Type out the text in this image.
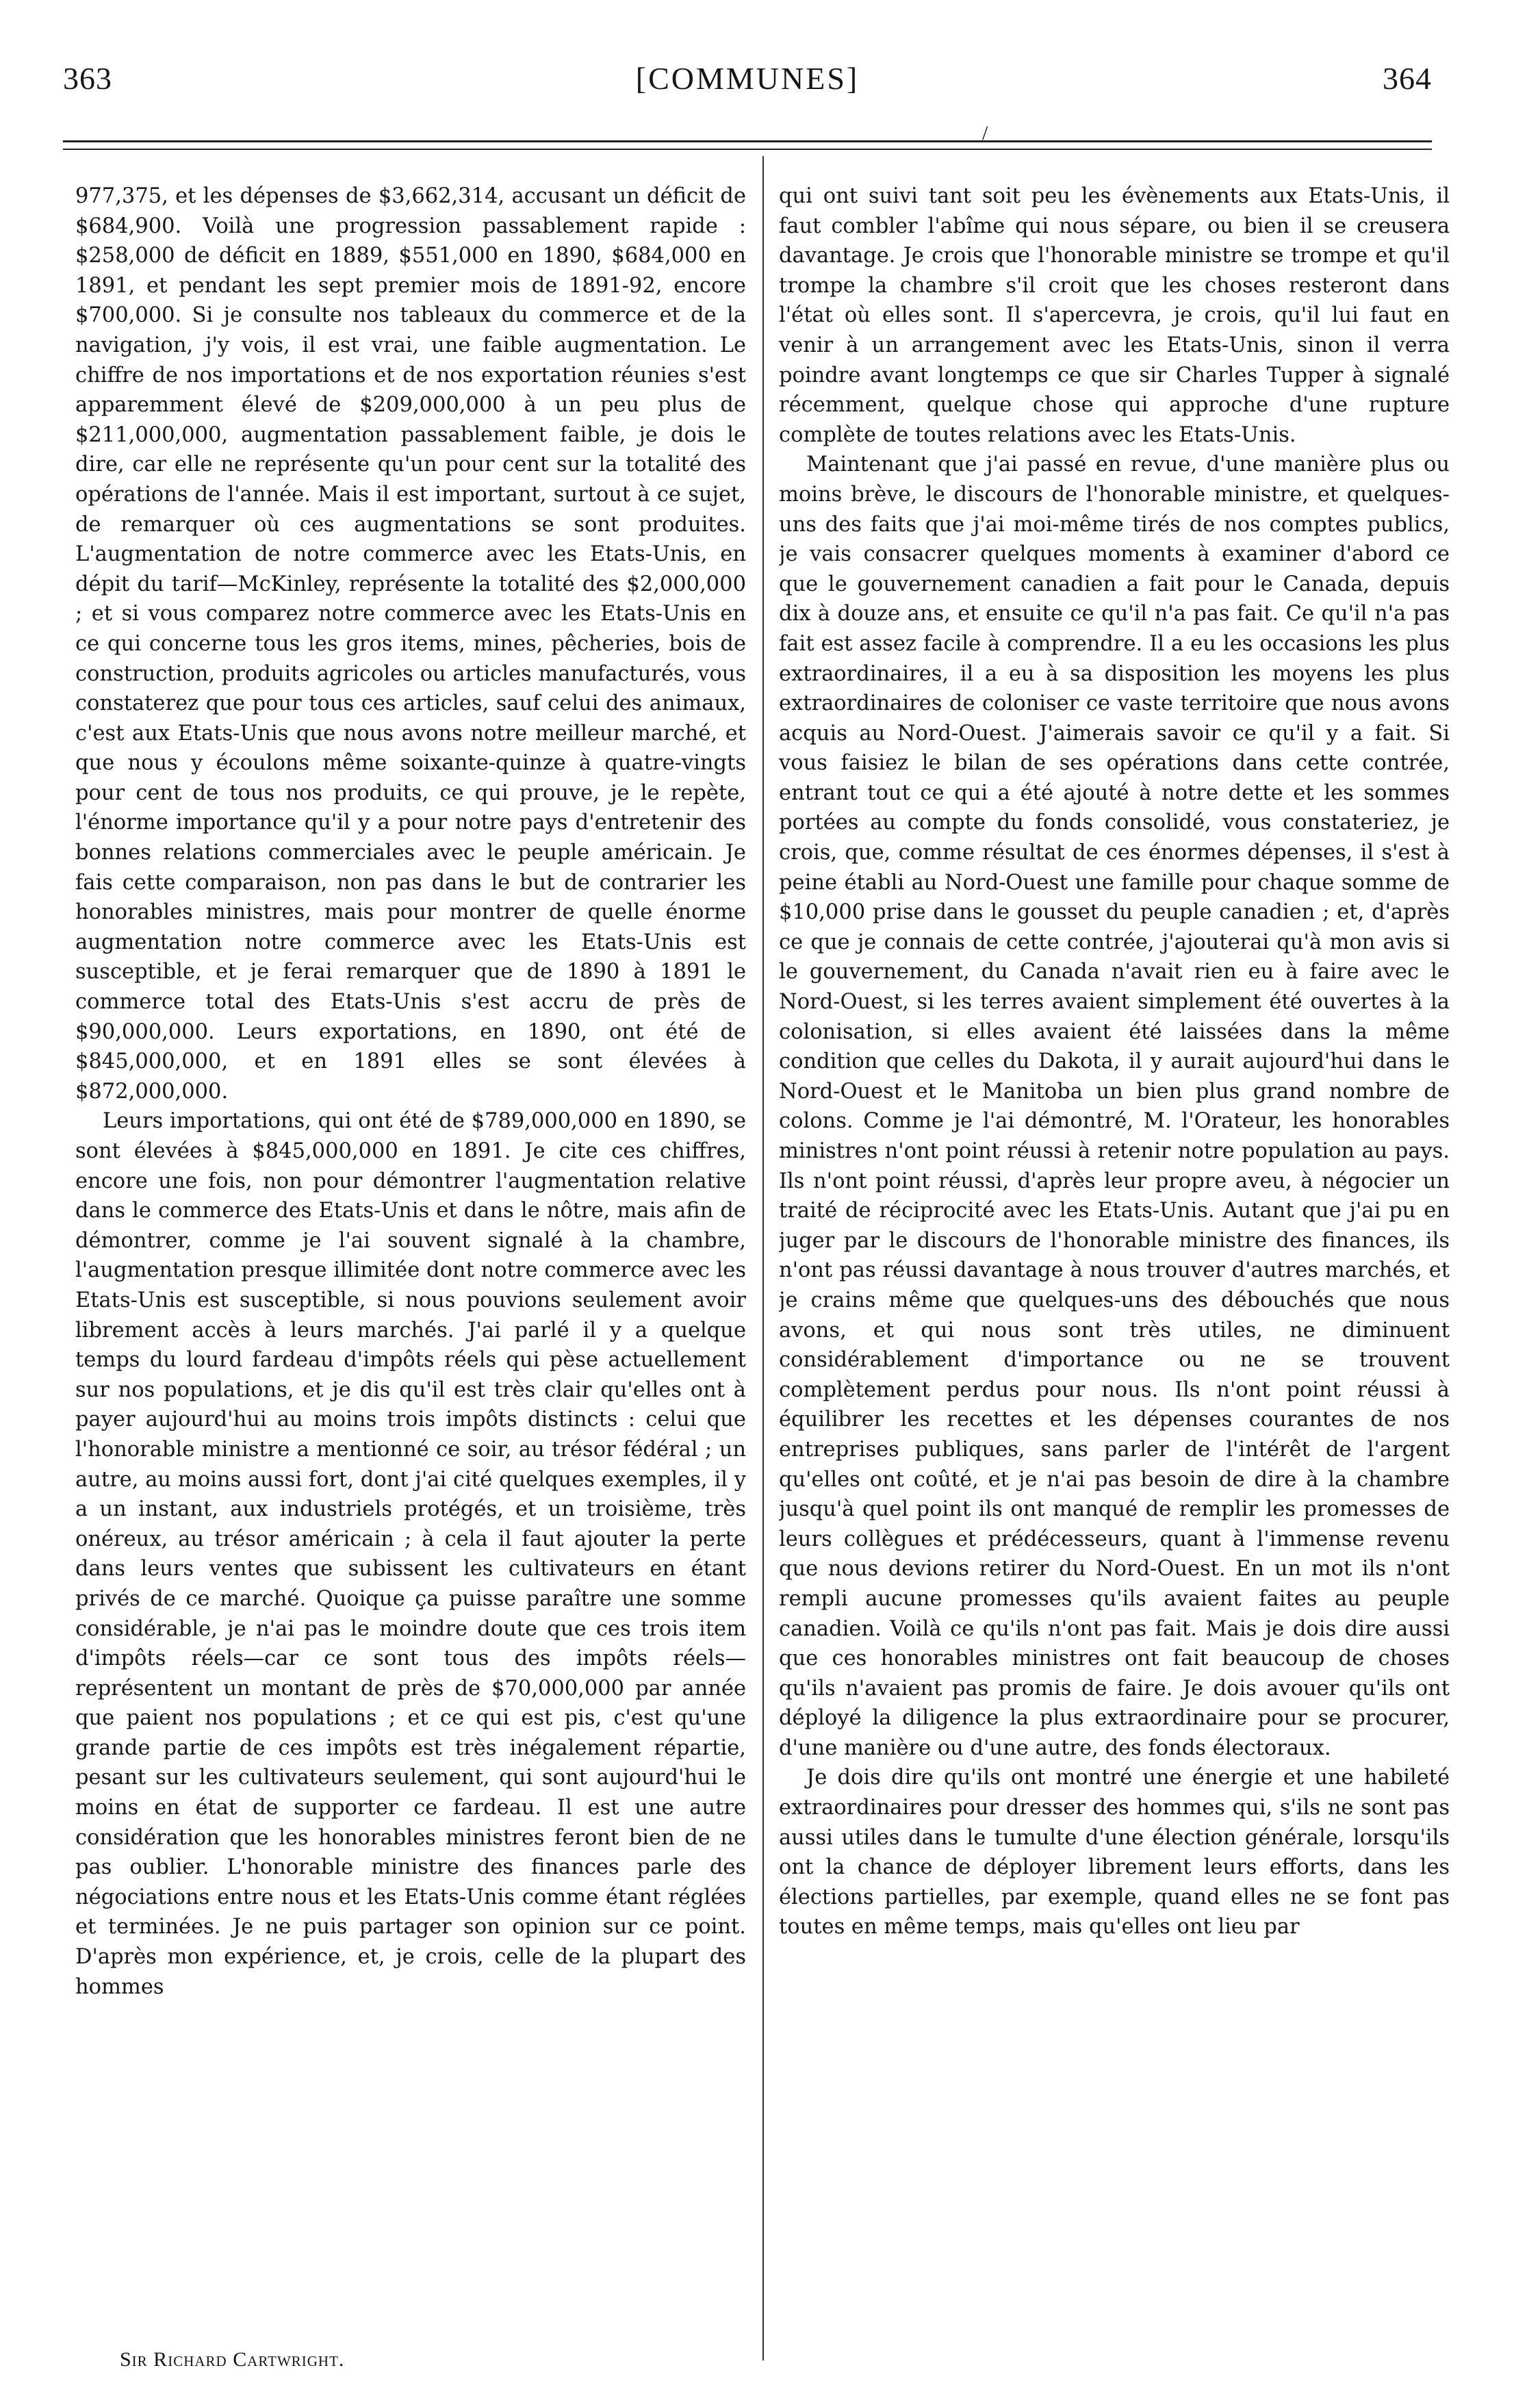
363	[COMMUNES]	364
/

977,375, et les dépenses de $3,662,314, accusant un déficit de $684,900. Voilà une progression passablement rapide : $258,000 de déficit en 1889, $551,000 en 1890, $684,000 en 1891, et pendant les sept premier mois de 1891-92, encore $700,000. Si je consulte nos tableaux du commerce et de la navigation, j'y vois, il est vrai, une faible augmentation. Le chiffre de nos importations et de nos exportation réunies s'est apparemment élevé de $209,000,000 à un peu plus de $211,000,000, augmentation passablement faible, je dois le dire, car elle ne représente qu'un pour cent sur la totalité des opérations de l'année. Mais il est important, surtout à ce sujet, de remarquer où ces augmentations se sont produites. L'augmentation de notre commerce avec les Etats-Unis, en dépit du tarif—McKinley, représente la totalité des $2,000,000 ; et si vous comparez notre commerce avec les Etats-Unis en ce qui concerne tous les gros items, mines, pêcheries, bois de construction, produits agricoles ou articles manufacturés, vous constaterez que pour tous ces articles, sauf celui des animaux, c'est aux Etats-Unis que nous avons notre meilleur marché, et que nous y écoulons même soixante-quinze à quatre-vingts pour cent de tous nos produits, ce qui prouve, je le repète, l'énorme importance qu'il y a pour notre pays d'entretenir des bonnes relations commerciales avec le peuple américain. Je fais cette comparaison, non pas dans le but de contrarier les honorables ministres, mais pour montrer de quelle énorme augmentation notre commerce avec les Etats-Unis est susceptible, et je ferai remarquer que de 1890 à 1891 le commerce total des Etats-Unis s'est accru de près de $90,000,000. Leurs exportations, en 1890, ont été de $845,000,000, et en 1891 elles se sont élevées à $872,000,000.

Leurs importations, qui ont été de $789,000,000 en 1890, se sont élevées à $845,000,000 en 1891. Je cite ces chiffres, encore une fois, non pour démontrer l'augmentation relative dans le commerce des Etats-Unis et dans le nôtre, mais afin de démontrer, comme je l'ai souvent signalé à la chambre, l'augmentation presque illimitée dont notre commerce avec les Etats-Unis est susceptible, si nous pouvions seulement avoir librement accès à leurs marchés. J'ai parlé il y a quelque temps du lourd fardeau d'impôts réels qui pèse actuellement sur nos populations, et je dis qu'il est très clair qu'elles ont à payer aujourd'hui au moins trois impôts distincts : celui que l'honorable ministre a mentionné ce soir, au trésor fédéral ; un autre, au moins aussi fort, dont j'ai cité quelques exemples, il y a un instant, aux industriels protégés, et un troisième, très onéreux, au trésor américain ; à cela il faut ajouter la perte dans leurs ventes que subissent les cultivateurs en étant privés de ce marché. Quoique ça puisse paraître une somme considérable, je n'ai pas le moindre doute que ces trois item d'impôts réels—car ce sont tous des impôts réels—représentent un montant de près de $70,000,000 par année que paient nos populations ; et ce qui est pis, c'est qu'une grande partie de ces impôts est très inégalement répartie, pesant sur les cultivateurs seulement, qui sont aujourd'hui le moins en état de supporter ce fardeau. Il est une autre considération que les honorables ministres feront bien de ne pas oublier. L'honorable ministre des finances parle des négociations entre nous et les Etats-Unis comme étant réglées et terminées. Je ne puis partager son opinion sur ce point. D'après mon expérience, et, je crois, celle de la plupart des hommes

qui ont suivi tant soit peu les évènements aux Etats-Unis, il faut combler l'abîme qui nous sépare, ou bien il se creusera davantage. Je crois que l'honorable ministre se trompe et qu'il trompe la chambre s'il croit que les choses resteront dans l'état où elles sont. Il s'apercevra, je crois, qu'il lui faut en venir à un arrangement avec les Etats-Unis, sinon il verra poindre avant longtemps ce que sir Charles Tupper à signalé récemment, quelque chose qui approche d'une rupture complète de toutes relations avec les Etats-Unis.

Maintenant que j'ai passé en revue, d'une manière plus ou moins brève, le discours de l'honorable ministre, et quelques-uns des faits que j'ai moi-même tirés de nos comptes publics, je vais consacrer quelques moments à examiner d'abord ce que le gouvernement canadien a fait pour le Canada, depuis dix à douze ans, et ensuite ce qu'il n'a pas fait. Ce qu'il n'a pas fait est assez facile à comprendre. Il a eu les occasions les plus extraordinaires, il a eu à sa disposition les moyens les plus extraordinaires de coloniser ce vaste territoire que nous avons acquis au Nord-Ouest. J'aimerais savoir ce qu'il y a fait. Si vous faisiez le bilan de ses opérations dans cette contrée, entrant tout ce qui a été ajouté à notre dette et les sommes portées au compte du fonds consolidé, vous constateriez, je crois, que, comme résultat de ces énormes dépenses, il s'est à peine établi au Nord-Ouest une famille pour chaque somme de $10,000 prise dans le gousset du peuple canadien ; et, d'après ce que je connais de cette contrée, j'ajouterai qu'à mon avis si le gouvernement, du Canada n'avait rien eu à faire avec le Nord-Ouest, si les terres avaient simplement été ouvertes à la colonisation, si elles avaient été laissées dans la même condition que celles du Dakota, il y aurait aujourd'hui dans le Nord-Ouest et le Manitoba un bien plus grand nombre de colons. Comme je l'ai démontré, M. l'Orateur, les honorables ministres n'ont point réussi à retenir notre population au pays. Ils n'ont point réussi, d'après leur propre aveu, à négocier un traité de réciprocité avec les Etats-Unis. Autant que j'ai pu en juger par le discours de l'honorable ministre des finances, ils n'ont pas réussi davantage à nous trouver d'autres marchés, et je crains même que quelques-uns des débouchés que nous avons, et qui nous sont très utiles, ne diminuent considérablement d'importance ou ne se trouvent complètement perdus pour nous. Ils n'ont point réussi à équilibrer les recettes et les dépenses courantes de nos entreprises publiques, sans parler de l'intérêt de l'argent qu'elles ont coûté, et je n'ai pas besoin de dire à la chambre jusqu'à quel point ils ont manqué de remplir les promesses de leurs collègues et prédécesseurs, quant à l'immense revenu que nous devions retirer du Nord-Ouest. En un mot ils n'ont rempli aucune promesses qu'ils avaient faites au peuple canadien. Voilà ce qu'ils n'ont pas fait. Mais je dois dire aussi que ces honorables ministres ont fait beaucoup de choses qu'ils n'avaient pas promis de faire. Je dois avouer qu'ils ont déployé la diligence la plus extraordinaire pour se procurer, d'une manière ou d'une autre, des fonds électoraux.

Je dois dire qu'ils ont montré une énergie et une habileté extraordinaires pour dresser des hommes qui, s'ils ne sont pas aussi utiles dans le tumulte d'une élection générale, lorsqu'ils ont la chance de déployer librement leurs efforts, dans les élections partielles, par exemple, quand elles ne se font pas toutes en même temps, mais qu'elles ont lieu par

Sir Richard Cartwright.
